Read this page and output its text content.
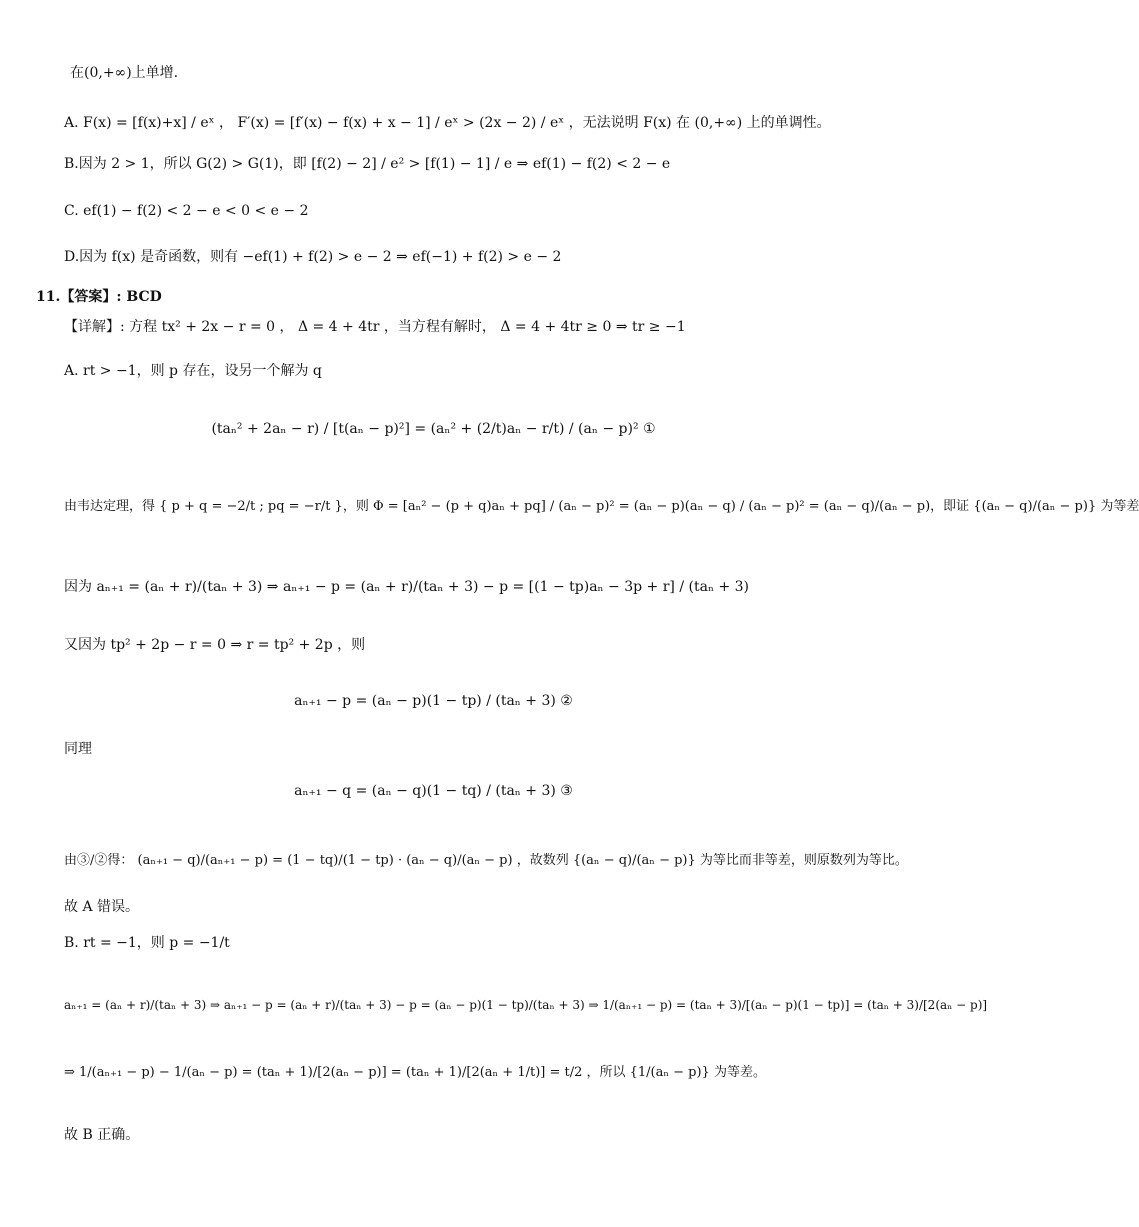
在(0,+∞)上单增.
A. F(x) = [f(x)+x] / eˣ ， F′(x) = [f′(x) − f(x) + x − 1] / eˣ > (2x − 2) / eˣ ，无法说明 F(x) 在 (0,+∞) 上的单调性。
B.因为 2 > 1，所以 G(2) > G(1)，即 [f(2) − 2] / e² > [f(1) − 1] / e ⇒ ef(1) − f(2) < 2 − e
C. ef(1) − f(2) < 2 − e < 0 < e − 2
D.因为 f(x) 是奇函数，则有 −ef(1) + f(2) > e − 2 ⇒ ef(−1) + f(2) > e − 2
11.【答案】: BCD
【详解】: 方程 tx² + 2x − r = 0 ， Δ = 4 + 4tr ，当方程有解时， Δ = 4 + 4tr ≥ 0 ⇒ tr ≥ −1
A. rt > −1，则 p 存在，设另一个解为 q
(taₙ² + 2aₙ − r) / [t(aₙ − p)²] = (aₙ² + (2/t)aₙ − r/t) / (aₙ − p)² ①
由韦达定理，得 { p + q = −2/t ; pq = −r/t }，则 Φ = [aₙ² − (p + q)aₙ + pq] / (aₙ − p)² = (aₙ − p)(aₙ − q) / (aₙ − p)² = (aₙ − q)/(aₙ − p)，即证 {(aₙ − q)/(aₙ − p)} 为等差
因为 aₙ₊₁ = (aₙ + r)/(taₙ + 3) ⇒ aₙ₊₁ − p = (aₙ + r)/(taₙ + 3) − p = [(1 − tp)aₙ − 3p + r] / (taₙ + 3)
又因为 tp² + 2p − r = 0 ⇒ r = tp² + 2p ，则
aₙ₊₁ − p = (aₙ − p)(1 − tp) / (taₙ + 3) ②
同理
aₙ₊₁ − q = (aₙ − q)(1 − tq) / (taₙ + 3) ③
由③/②得： (aₙ₊₁ − q)/(aₙ₊₁ − p) = (1 − tq)/(1 − tp) · (aₙ − q)/(aₙ − p) ，故数列 {(aₙ − q)/(aₙ − p)} 为等比而非等差，则原数列为等比。
故 A 错误。
B. rt = −1，则 p = −1/t
aₙ₊₁ = (aₙ + r)/(taₙ + 3) ⇒ aₙ₊₁ − p = (aₙ + r)/(taₙ + 3) − p = (aₙ − p)(1 − tp)/(taₙ + 3) ⇒ 1/(aₙ₊₁ − p) = (taₙ + 3)/[(aₙ − p)(1 − tp)] = (taₙ + 3)/[2(aₙ − p)]
⇒ 1/(aₙ₊₁ − p) − 1/(aₙ − p) = (taₙ + 1)/[2(aₙ − p)] = (taₙ + 1)/[2(aₙ + 1/t)] = t/2 ，所以 {1/(aₙ − p)} 为等差。
故 B 正确。
